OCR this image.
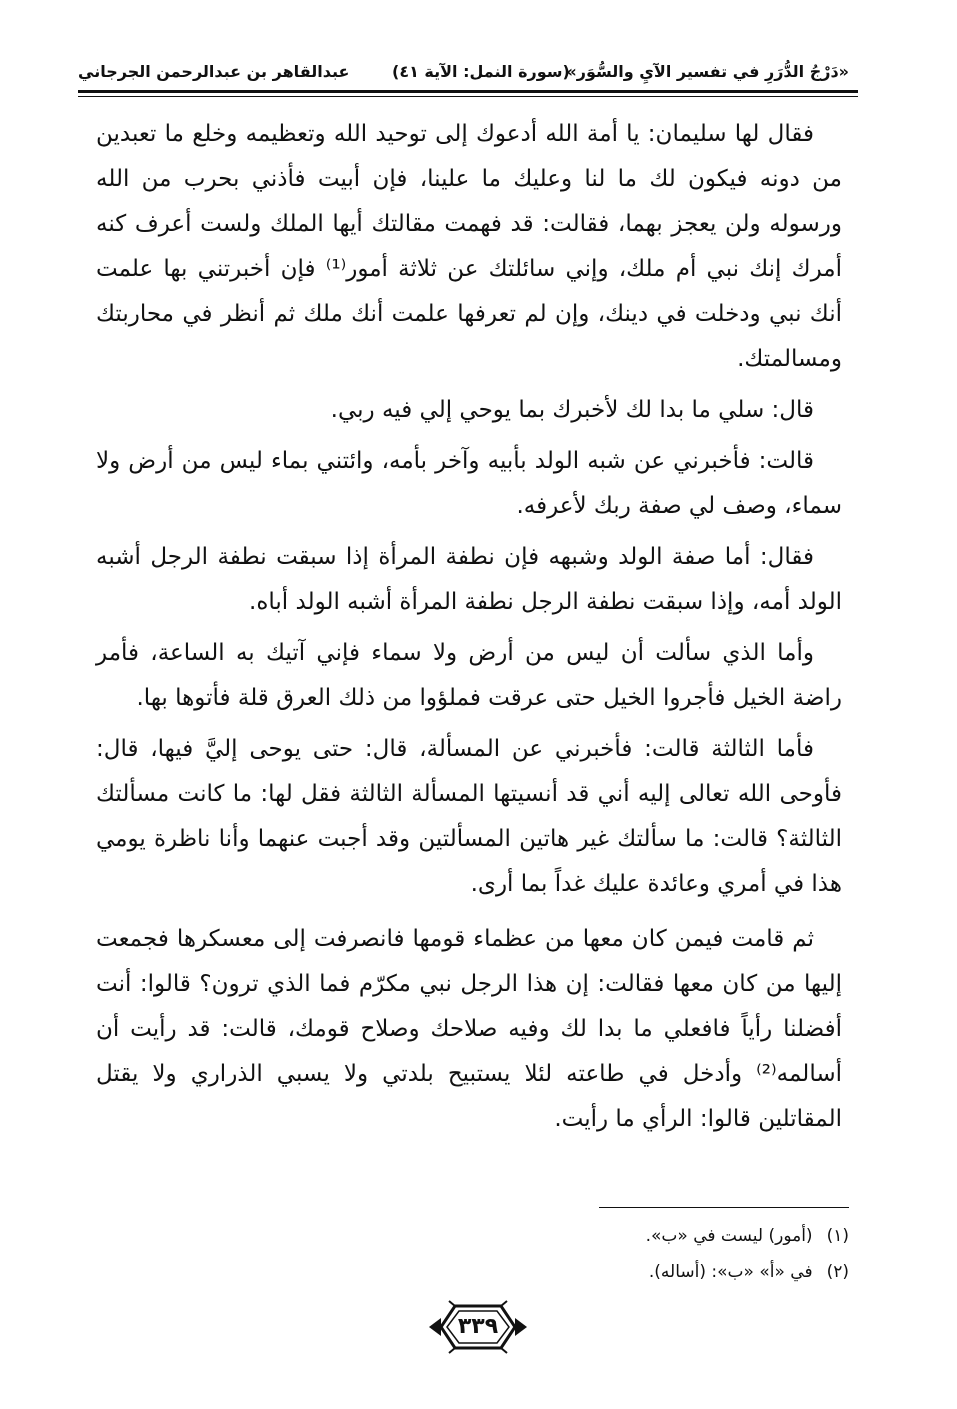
«دَرْجُ الدُّرَرِ في تفسير الآيِ والسُّوَر»
(سورة النمل: الآية ٤١)
عبدالقاهر بن عبدالرحمن الجرجاني

فقال لها سليمان: يا أمة الله أدعوك إلى توحيد الله وتعظيمه وخلع ما تعبدين من دونه فيكون لك ما لنا وعليك ما علينا، فإن أبيت فأذني بحرب من الله ورسوله ولن يعجز بهما، فقالت: قد فهمت مقالتك أيها الملك ولست أعرف كنه أمرك إنك نبي أم ملك، وإني سائلتك عن ثلاثة أمور⁽¹⁾ فإن أخبرتني بها علمت أنك نبي ودخلت في دينك، وإن لم تعرفها علمت أنك ملك ثم أنظر في محاربتك ومسالمتك.

قال: سلي ما بدا لك لأخبرك بما يوحي إلي فيه ربي.

قالت: فأخبرني عن شبه الولد بأبيه وآخر بأمه، وائتني بماء ليس من أرض ولا سماء، وصف لي صفة ربك لأعرفه.

فقال: أما صفة الولد وشبهه فإن نطفة المرأة إذا سبقت نطفة الرجل أشبه الولد أمه، وإذا سبقت نطفة الرجل نطفة المرأة أشبه الولد أباه.

وأما الذي سألت أن ليس من أرض ولا سماء فإني آتيك به الساعة، فأمر راضة الخيل فأجروا الخيل حتى عرقت فملؤوا من ذلك العرق قلة فأتوها بها.

فأما الثالثة قالت: فأخبرني عن المسألة، قال: حتى يوحى إليَّ فيها، قال: فأوحى الله تعالى إليه أني قد أنسيتها المسألة الثالثة فقل لها: ما كانت مسألتك الثالثة؟ قالت: ما سألتك غير هاتين المسألتين وقد أجبت عنهما وأنا ناظرة يومي هذا في أمري وعائدة عليك غداً بما أرى.

ثم قامت فيمن كان معها من عظماء قومها فانصرفت إلى معسكرها فجمعت إليها من كان معها فقالت: إن هذا الرجل نبي مكرّم فما الذي ترون؟ قالوا: أنت أفضلنا رأياً فافعلي ما بدا لك وفيه صلاحك وصلاح قومك، قالت: قد رأيت أن أسالمه⁽²⁾ وأدخل في طاعته لئلا يستبيح بلدتي ولا يسبي الذراري ولا يقتل المقاتلين قالوا: الرأي ما رأيت.

(١)(أمور) ليست في «ب».
(٢)في «أ» «ب»: (أساله).
٣٣٩
